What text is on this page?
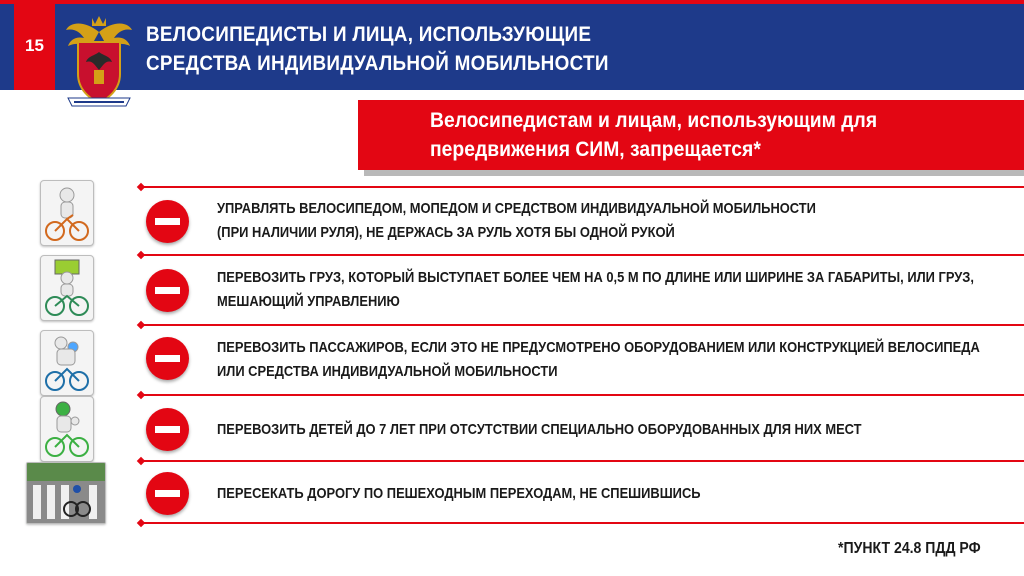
15	ВЕЛОСИПЕДИСТЫ И ЛИЦА, ИСПОЛЬЗУЮЩИЕ
СРЕДСТВА ИНДИВИДУАЛЬНОЙ МОБИЛЬНОСТИ
Велосипедистам и лицам, использующим для
передвижения СИМ, запрещается*
УПРАВЛЯТЬ ВЕЛОСИПЕДОМ, МОПЕДОМ И СРЕДСТВОМ ИНДИВИДУАЛЬНОЙ МОБИЛЬНОСТИ
(ПРИ НАЛИЧИИ РУЛЯ), НЕ ДЕРЖАСЬ ЗА РУЛЬ ХОТЯ БЫ ОДНОЙ РУКОЙ
ПЕРЕВОЗИТЬ ГРУЗ, КОТОРЫЙ ВЫСТУПАЕТ БОЛЕЕ ЧЕМ НА 0,5 М ПО ДЛИНЕ ИЛИ ШИРИНЕ ЗА ГАБАРИТЫ, ИЛИ ГРУЗ,
МЕШАЮЩИЙ УПРАВЛЕНИЮ
ПЕРЕВОЗИТЬ ПАССАЖИРОВ, ЕСЛИ ЭТО НЕ ПРЕДУСМОТРЕНО ОБОРУДОВАНИЕМ ИЛИ КОНСТРУКЦИЕЙ ВЕЛОСИПЕДА
ИЛИ СРЕДСТВА ИНДИВИДУАЛЬНОЙ МОБИЛЬНОСТИ
ПЕРЕВОЗИТЬ ДЕТЕЙ ДО 7 ЛЕТ ПРИ ОТСУТСТВИИ СПЕЦИАЛЬНО ОБОРУДОВАННЫХ ДЛЯ НИХ МЕСТ
ПЕРЕСЕКАТЬ ДОРОГУ ПО ПЕШЕХОДНЫМ ПЕРЕХОДАМ, НЕ СПЕШИВШИСЬ
*ПУНКТ 24.8 ПДД РФ
